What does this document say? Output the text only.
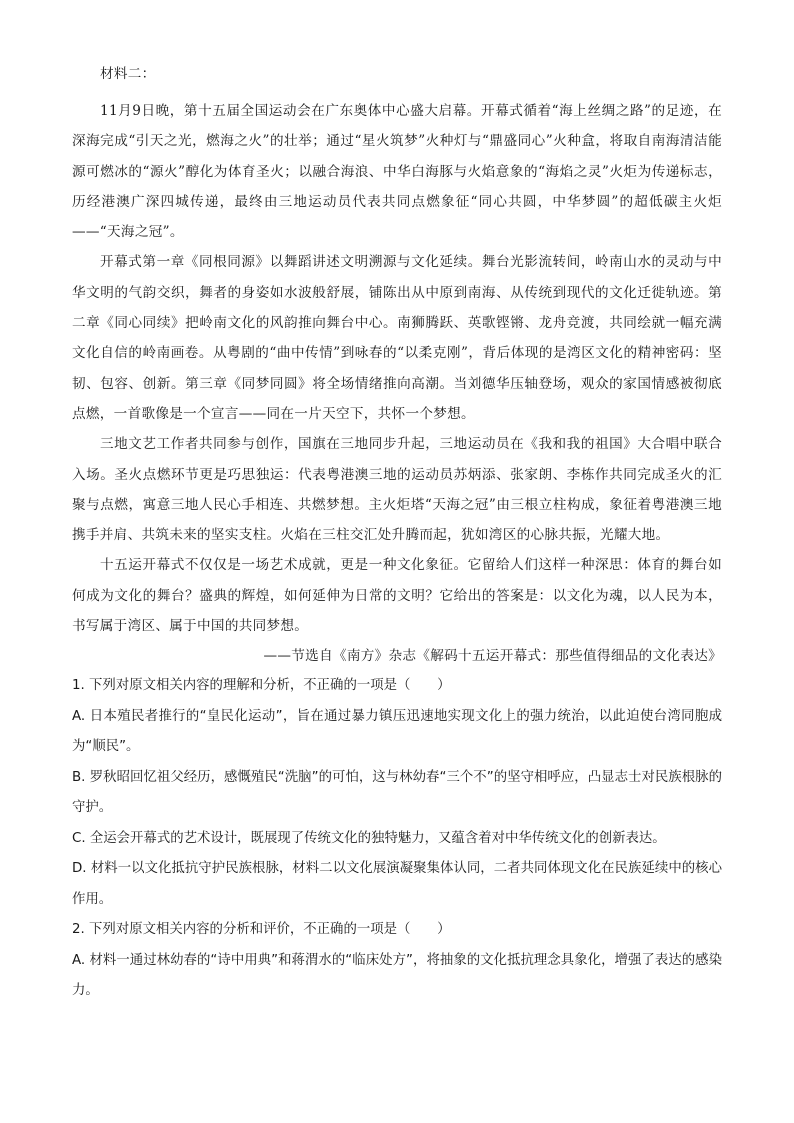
材料二：

11月9日晚，第十五届全国运动会在广东奥体中心盛大启幕。开幕式循着“海上丝绸之路”的足迹，在深海完成“引天之光，燃海之火”的壮举；通过“星火筑梦”火种灯与“鼎盛同心”火种盒，将取自南海清洁能源可燃冰的“源火”醇化为体育圣火；以融合海浪、中华白海豚与火焰意象的“海焰之灵”火炬为传递标志，历经港澳广深四城传递，最终由三地运动员代表共同点燃象征“同心共圆，中华梦圆”的超低碳主火炬——“天海之冠”。

开幕式第一章《同根同源》以舞蹈讲述文明溯源与文化延续。舞台光影流转间，岭南山水的灵动与中华文明的气韵交织，舞者的身姿如水波般舒展，铺陈出从中原到南海、从传统到现代的文化迁徙轨迹。第二章《同心同续》把岭南文化的风韵推向舞台中心。南狮腾跃、英歌铿锵、龙舟竞渡，共同绘就一幅充满文化自信的岭南画卷。从粤剧的“曲中传情”到咏春的“以柔克刚”，背后体现的是湾区文化的精神密码：坚韧、包容、创新。第三章《同梦同圆》将全场情绪推向高潮。当刘德华压轴登场，观众的家国情感被彻底点燃，一首歌像是一个宣言——同在一片天空下，共怀一个梦想。

三地文艺工作者共同参与创作，国旗在三地同步升起，三地运动员在《我和我的祖国》大合唱中联合入场。圣火点燃环节更是巧思独运：代表粤港澳三地的运动员苏炳添、张家朗、李栋作共同完成圣火的汇聚与点燃，寓意三地人民心手相连、共燃梦想。主火炬塔“天海之冠”由三根立柱构成，象征着粤港澳三地携手并肩、共筑未来的坚实支柱。火焰在三柱交汇处升腾而起，犹如湾区的心脉共振，光耀大地。

十五运开幕式不仅仅是一场艺术成就，更是一种文化象征。它留给人们这样一种深思：体育的舞台如何成为文化的舞台？盛典的辉煌，如何延伸为日常的文明？它给出的答案是：以文化为魂，以人民为本，书写属于湾区、属于中国的共同梦想。

——节选自《南方》杂志《解码十五运开幕式：那些值得细品的文化表达》

1. 下列对原文相关内容的理解和分析，不正确的一项是（　　）

A. 日本殖民者推行的“皇民化运动”，旨在通过暴力镇压迅速地实现文化上的强力统治，以此迫使台湾同胞成为“顺民”。

B. 罗秋昭回忆祖父经历，感慨殖民“洗脑”的可怕，这与林幼春“三个不”的坚守相呼应，凸显志士对民族根脉的守护。

C. 全运会开幕式的艺术设计，既展现了传统文化的独特魅力，又蕴含着对中华传统文化的创新表达。

D. 材料一以文化抵抗守护民族根脉，材料二以文化展演凝聚集体认同，二者共同体现文化在民族延续中的核心作用。

2. 下列对原文相关内容的分析和评价，不正确的一项是（　　）

A. 材料一通过林幼春的“诗中用典”和蒋渭水的“临床处方”，将抽象的文化抵抗理念具象化，增强了表达的感染力。
